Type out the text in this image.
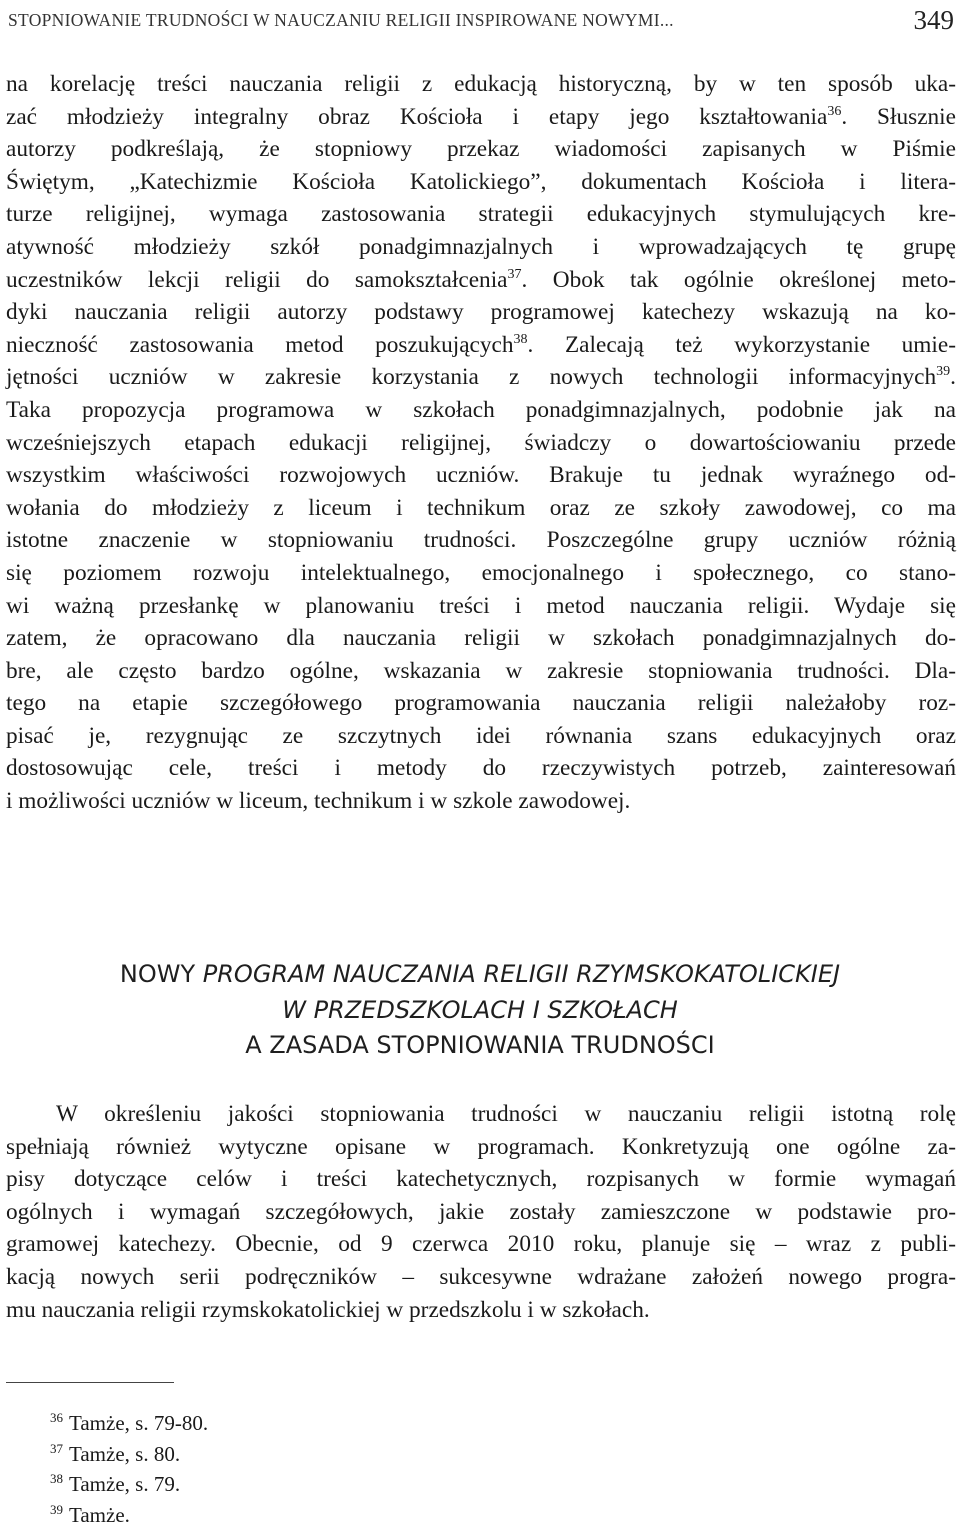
STOPNIOWANIE TRUDNOŚCI W NAUCZANIU RELIGII INSPIROWANE NOWYMI...	349
na korelację treści nauczania religii z edukacją historyczną, by w ten sposób uka-
zać młodzieży integralny obraz Kościoła i etapy jego kształtowania$^{36}$. Słusznie
autorzy podkreślają, że stopniowy przekaz wiadomości zapisanych w Piśmie
Świętym, „Katechizmie Kościoła Katolickiego”, dokumentach Kościoła i litera-
turze religijnej, wymaga zastosowania strategii edukacyjnych stymulujących kre-
atywność młodzieży szkół ponadgimnazjalnych i wprowadzających tę grupę
uczestników lekcji religii do samokształcenia$^{37}$. Obok tak ogólnie określonej meto-
dyki nauczania religii autorzy podstawy programowej katechezy wskazują na ko-
nieczność zastosowania metod poszukujących$^{38}$. Zalecają też wykorzystanie umie-
jętności uczniów w zakresie korzystania z nowych technologii informacyjnych$^{39}$.
Taka propozycja programowa w szkołach ponadgimnazjalnych, podobnie jak na
wcześniejszych etapach edukacji religijnej, świadczy o dowartościowaniu przede
wszystkim właściwości rozwojowych uczniów. Brakuje tu jednak wyraźnego od-
wołania do młodzieży z liceum i technikum oraz ze szkoły zawodowej, co ma
istotne znaczenie w stopniowaniu trudności. Poszczególne grupy uczniów różnią
się poziomem rozwoju intelektualnego, emocjonalnego i społecznego, co stano-
wi ważną przesłankę w planowaniu treści i metod nauczania religii. Wydaje się
zatem, że opracowano dla nauczania religii w szkołach ponadgimnazjalnych do-
bre, ale często bardzo ogólne, wskazania w zakresie stopniowania trudności. Dla-
tego na etapie szczegółowego programowania nauczania religii należałoby roz-
pisać je, rezygnując ze szczytnych idei równania szans edukacyjnych oraz
dostosowując cele, treści i metody do rzeczywistych potrzeb, zainteresowań
i możliwości uczniów w liceum, technikum i w szkole zawodowej.
NOWY PROGRAM NAUCZANIA RELIGII RZYMSKOKATOLICKIEJ
W PRZEDSZKOLACH I SZKOŁACH
A ZASADA STOPNIOWANIA TRUDNOŚCI
W określeniu jakości stopniowania trudności w nauczaniu religii istotną rolę
spełniają również wytyczne opisane w programach. Konkretyzują one ogólne za-
pisy dotyczące celów i treści katechetycznych, rozpisanych w formie wymagań
ogólnych i wymagań szczegółowych, jakie zostały zamieszczone w podstawie pro-
gramowej katechezy. Obecnie, od 9 czerwca 2010 roku, planuje się – wraz z publi-
kacją nowych serii podręczników – sukcesywne wdrażane założeń nowego progra-
mu nauczania religii rzymskokatolickiej w przedszkolu i w szkołach.
$^{36}$ Tamże, s. 79-80.
$^{37}$ Tamże, s. 80.
$^{38}$ Tamże, s. 79.
$^{39}$ Tamże.
